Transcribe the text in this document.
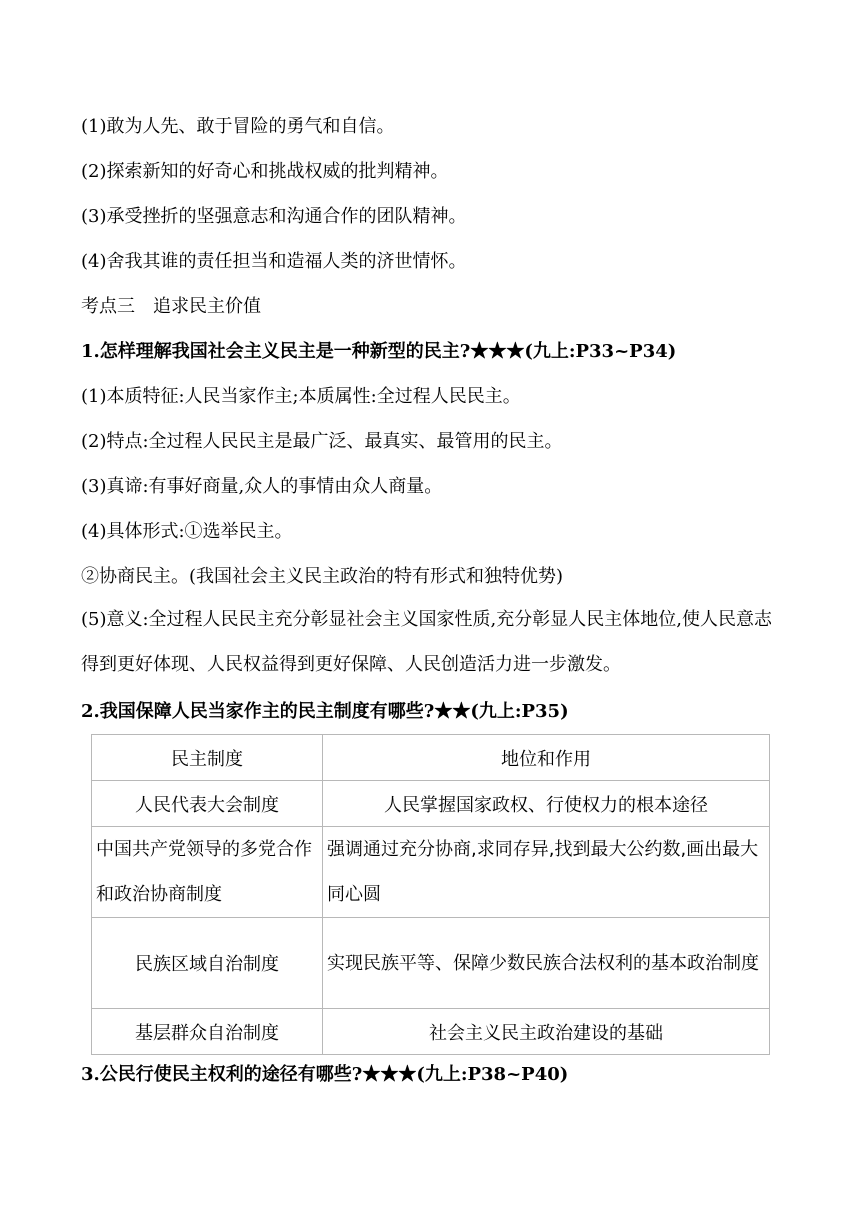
(1)敢为人先、敢于冒险的勇气和自信。
(2)探索新知的好奇心和挑战权威的批判精神。
(3)承受挫折的坚强意志和沟通合作的团队精神。
(4)舍我其谁的责任担当和造福人类的济世情怀。
考点三　追求民主价值
1.怎样理解我国社会主义民主是一种新型的民主?★★★(九上:P33~P34)
(1)本质特征:人民当家作主;本质属性:全过程人民民主。
(2)特点:全过程人民民主是最广泛、最真实、最管用的民主。
(3)真谛:有事好商量,众人的事情由众人商量。
(4)具体形式:①选举民主。
②协商民主。(我国社会主义民主政治的特有形式和独特优势)
(5)意义:全过程人民民主充分彰显社会主义国家性质,充分彰显人民主体地位,使人民意志得到更好体现、人民权益得到更好保障、人民创造活力进一步激发。
2.我国保障人民当家作主的民主制度有哪些?★★(九上:P35)
民主制度	地位和作用
人民代表大会制度	人民掌握国家政权、行使权力的根本途径
中国共产党领导的多党合作和政治协商制度	强调通过充分协商,求同存异,找到最大公约数,画出最大同心圆
民族区域自治制度	实现民族平等、保障少数民族合法权利的基本政治制度
基层群众自治制度	社会主义民主政治建设的基础
3.公民行使民主权利的途径有哪些?★★★(九上:P38~P40)
